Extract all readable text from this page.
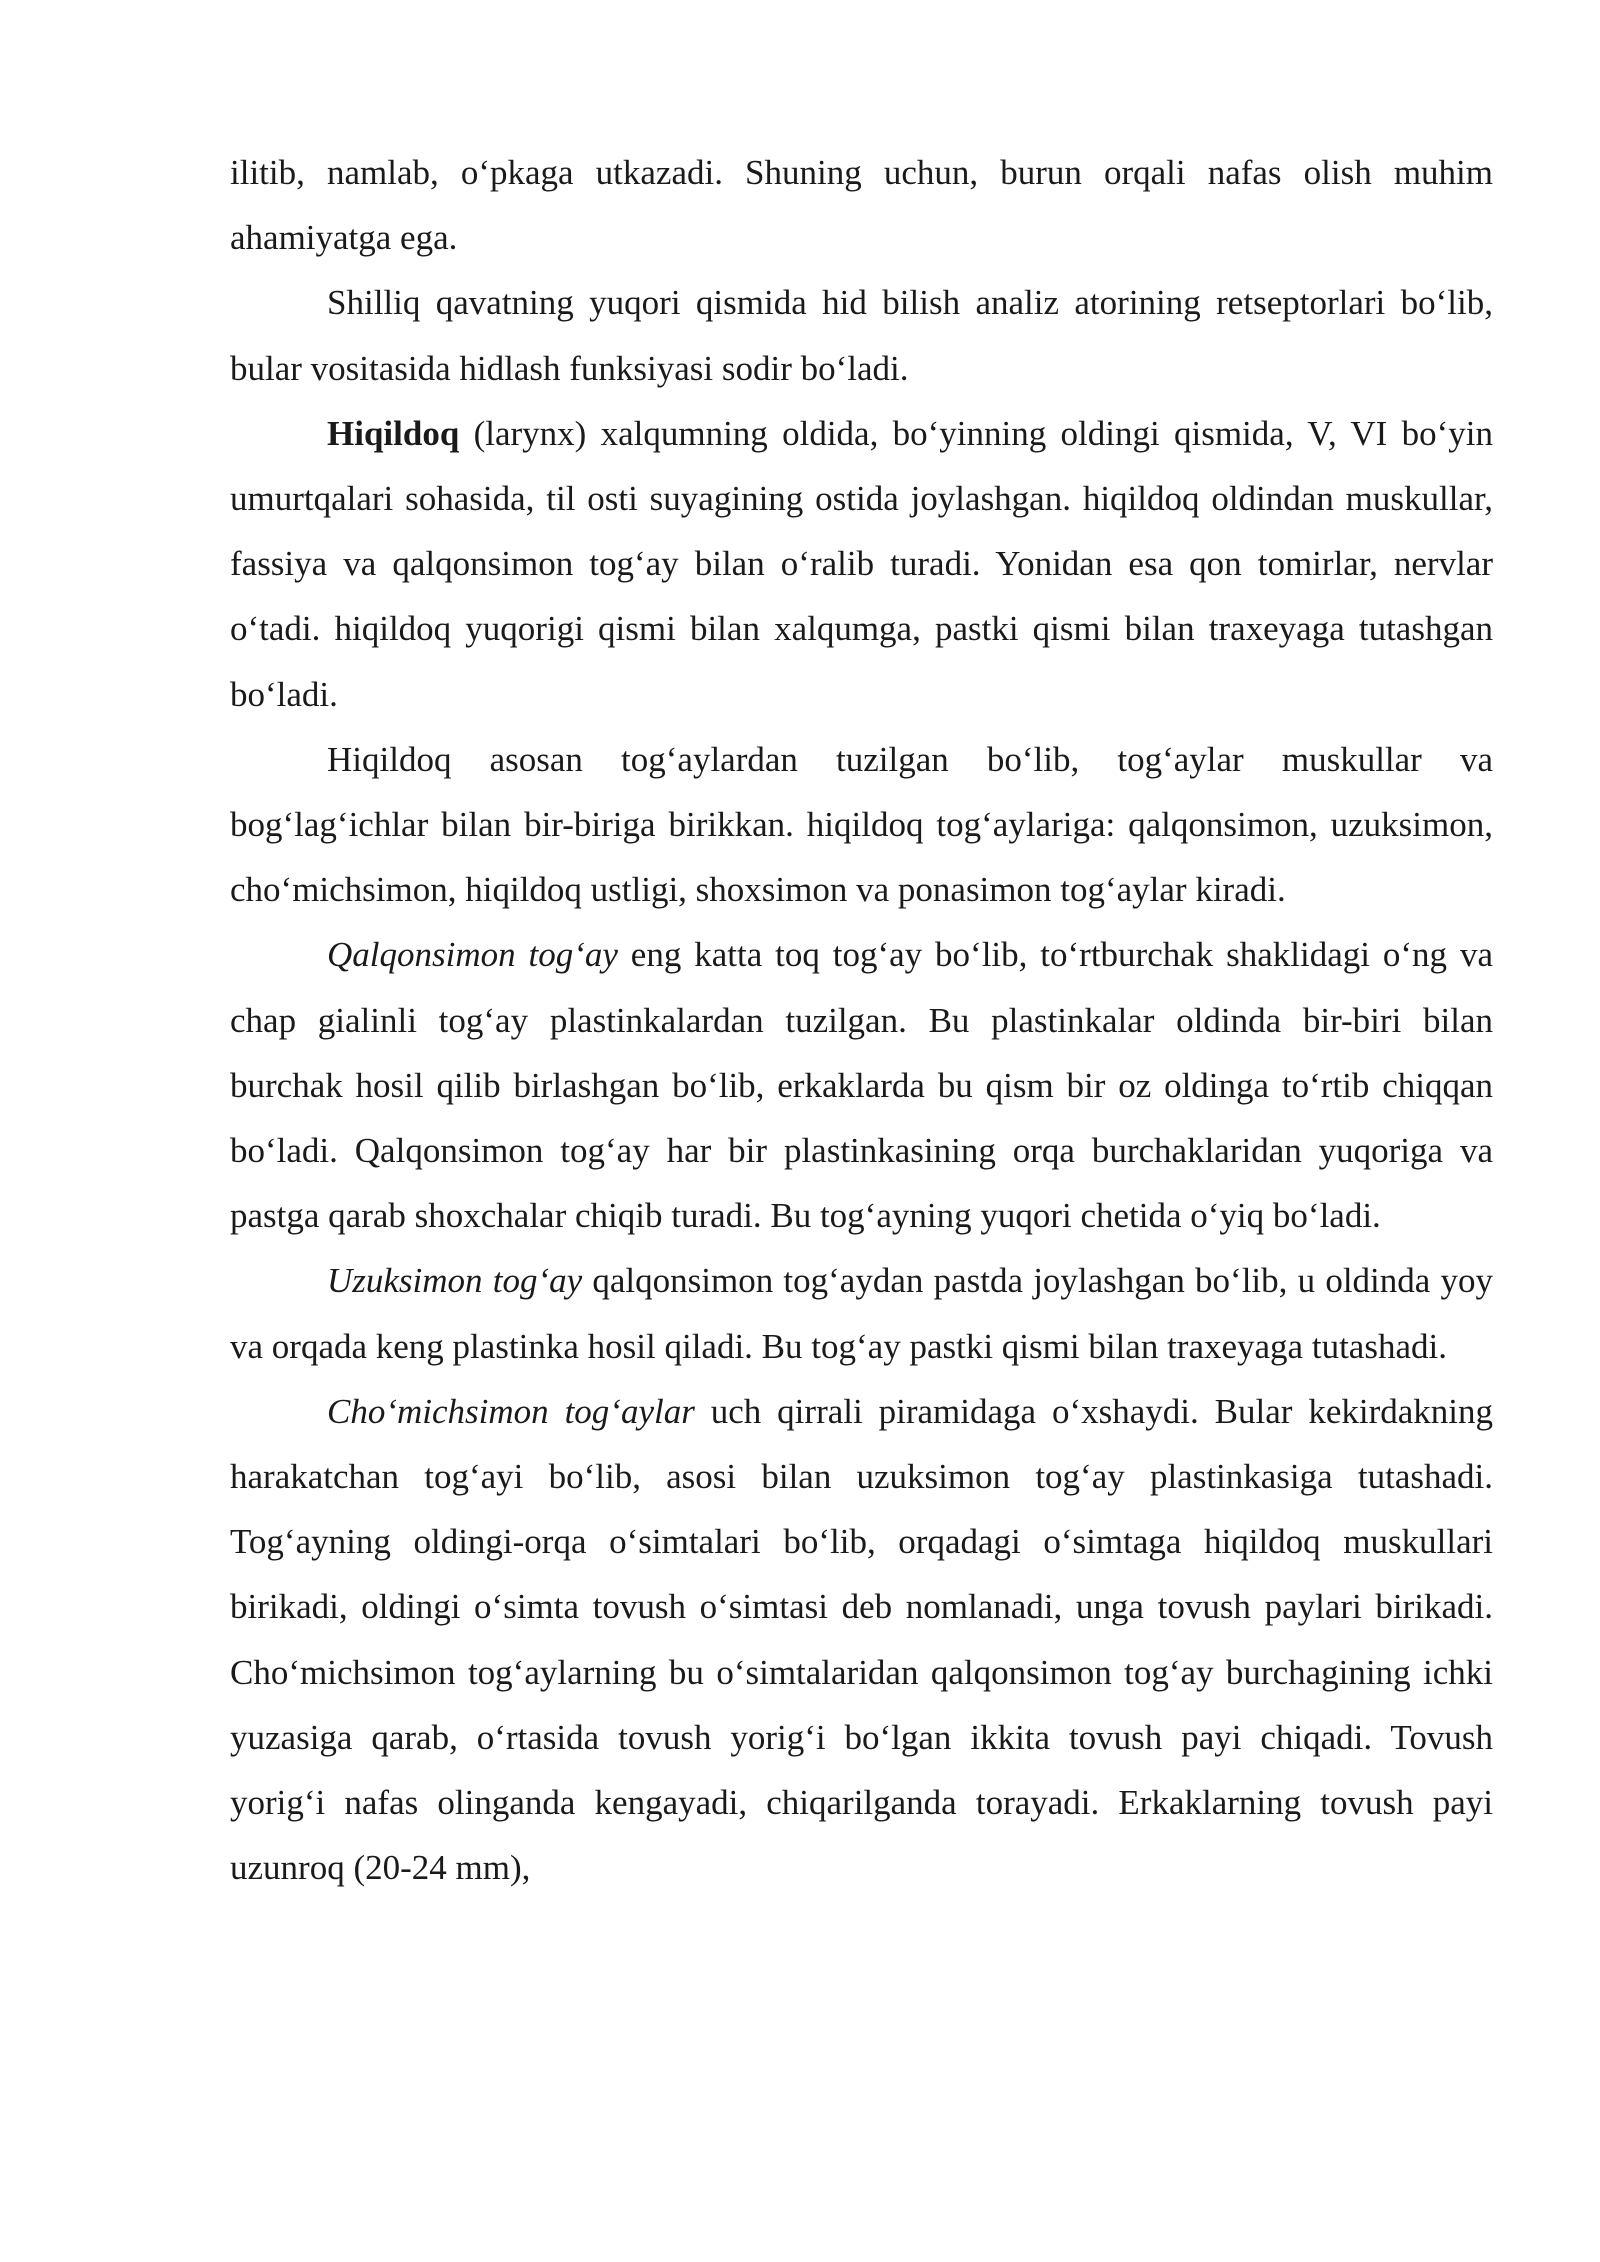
ilitib, namlab, o‘pkaga utkazadi. Shuning uchun, burun orqali nafas olish muhim ahamiyatga ega.

Shilliq qavatning yuqori qismida hid bilish analiz atorining retseptorlari bo‘lib, bular vositasida hidlash funksiyasi sodir bo‘ladi.

Hiqildoq (larynx) xalqumning oldida, bo‘yinning oldingi qismida, V, VI bo‘yin umurtqalari sohasida, til osti suyagining ostida joylashgan. hiqildoq oldindan muskullar, fassiya va qalqonsimon tog‘ay bilan o‘ralib turadi. Yonidan esa qon tomirlar, nervlar o‘tadi. hiqildoq yuqorigi qismi bilan xalqumga, pastki qismi bilan traxeyaga tutashgan bo‘ladi.

Hiqildoq asosan tog‘aylardan tuzilgan bo‘lib, tog‘aylar muskullar va bog‘lag‘ichlar bilan bir-biriga birikkan. hiqildoq tog‘aylariga: qalqonsimon, uzuksimon, cho‘michsimon, hiqildoq ustligi, shoxsimon va ponasimon tog‘aylar kiradi.

Qalqonsimon tog‘ay eng katta toq tog‘ay bo‘lib, to‘rtburchak shaklidagi o‘ng va chap gialinli tog‘ay plastinkalardan tuzilgan. Bu plastinkalar oldinda bir-biri bilan burchak hosil qilib birlashgan bo‘lib, erkaklarda bu qism bir oz oldinga to‘rtib chiqqan bo‘ladi. Qalqonsimon tog‘ay har bir plastinkasining orqa burchaklaridan yuqoriga va pastga qarab shoxchalar chiqib turadi. Bu tog‘ayning yuqori chetida o‘yiq bo‘ladi.

Uzuksimon tog‘ay qalqonsimon tog‘aydan pastda joylashgan bo‘lib, u oldinda yoy va orqada keng plastinka hosil qiladi. Bu tog‘ay pastki qismi bilan traxeyaga tutashadi.

Cho‘michsimon tog‘aylar uch qirrali piramidaga o‘xshaydi. Bular kekirdakning harakatchan tog‘ayi bo‘lib, asosi bilan uzuksimon tog‘ay plastinkasiga tutashadi. Tog‘ayning oldingi-orqa o‘simtalari bo‘lib, orqadagi o‘simtaga hiqildoq muskullari birikadi, oldingi o‘simta tovush o‘simtasi deb nomlanadi, unga tovush paylari birikadi. Cho‘michsimon tog‘aylarning bu o‘simtalaridan qalqonsimon tog‘ay burchagining ichki yuzasiga qarab, o‘rtasida tovush yorig‘i bo‘lgan ikkita tovush payi chiqadi. Tovush yorig‘i nafas olinganda kengayadi, chiqarilganda torayadi. Erkaklarning tovush payi uzunroq (20-24 mm),
